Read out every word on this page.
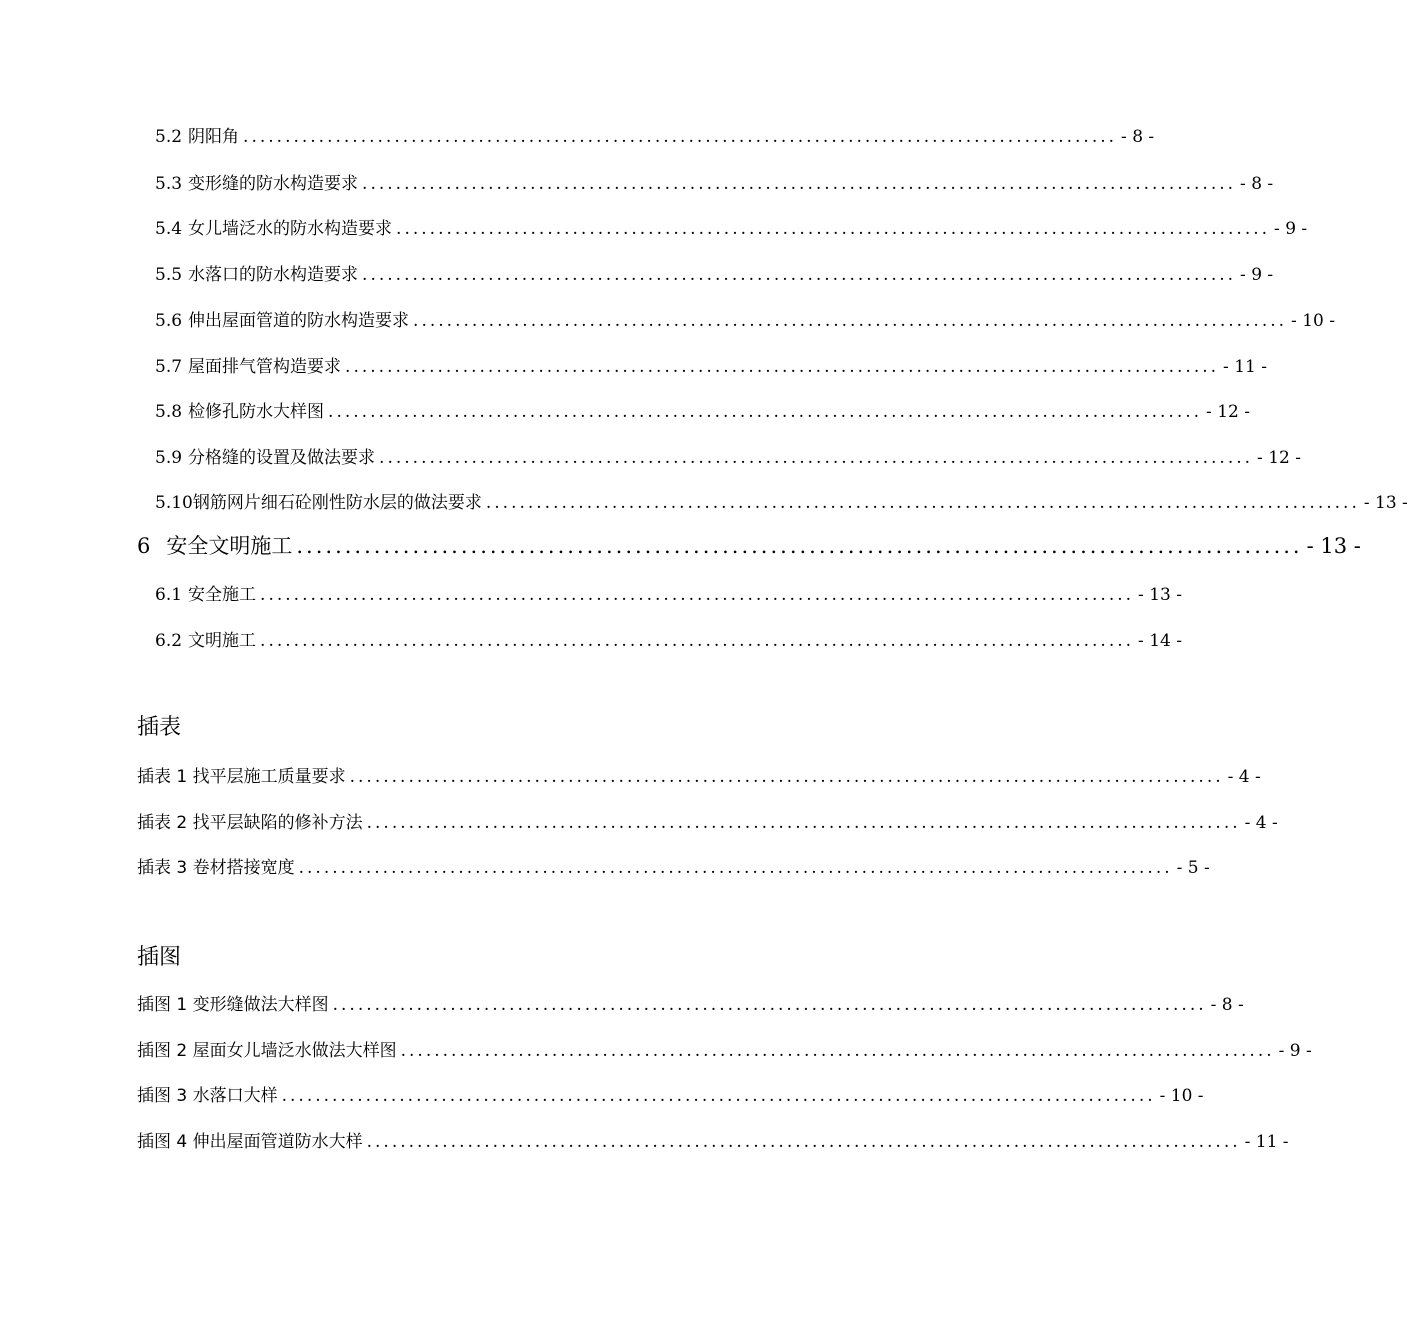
5.2 阴阳角 ........................................................................................................ - 8 -
5.3 变形缝的防水构造要求 ........................................................................................................ - 8 -
5.4 女儿墙泛水的防水构造要求 ........................................................................................................ - 9 -
5.5 水落口的防水构造要求 ........................................................................................................ - 9 -
5.6 伸出屋面管道的防水构造要求 ........................................................................................................ - 10 -
5.7 屋面排气管构造要求 ........................................................................................................ - 11 -
5.8 检修孔防水大样图 ........................................................................................................ - 12 -
5.9 分格缝的设置及做法要求 ........................................................................................................ - 12 -
5.10 钢筋网片细石砼刚性防水层的做法要求 ........................................................................................................ - 13 -
6 安全文明施工 ........................................................................................................ - 13 -
6.1 安全施工 ........................................................................................................ - 13 -
6.2 文明施工 ........................................................................................................ - 14 -
插表
插表 1 找平层施工质量要求 ........................................................................................................ - 4 -
插表 2 找平层缺陷的修补方法 ........................................................................................................ - 4 -
插表 3 卷材搭接宽度 ........................................................................................................ - 5 -
插图
插图 1 变形缝做法大样图 ........................................................................................................ - 8 -
插图 2 屋面女儿墙泛水做法大样图 ........................................................................................................ - 9 -
插图 3 水落口大样 ........................................................................................................ - 10 -
插图 4 伸出屋面管道防水大样 ........................................................................................................ - 11 -
